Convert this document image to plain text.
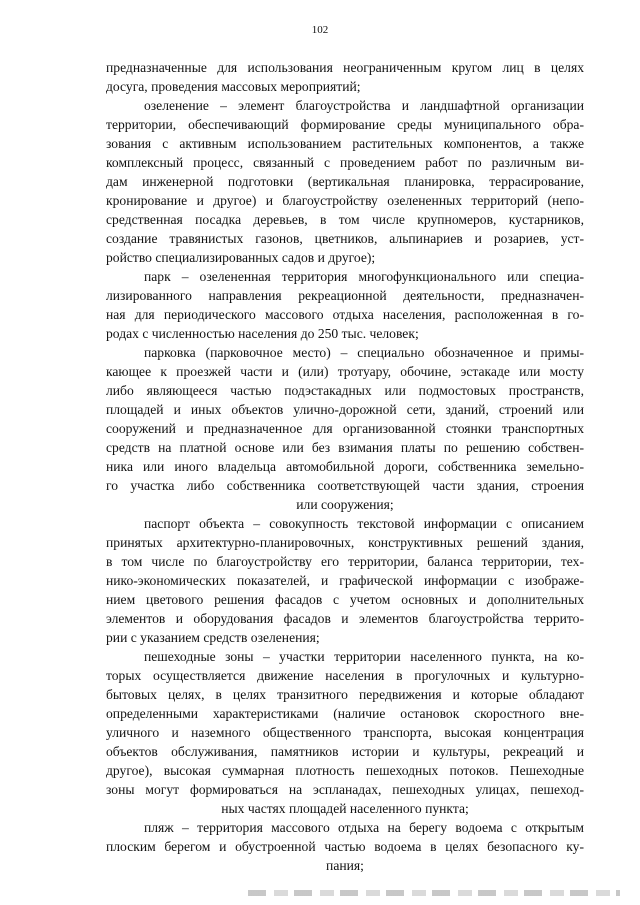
102
предназначенные для использования неограниченным кругом лиц в целях
досуга, проведения массовых мероприятий;
озеленение – элемент благоустройства и ландшафтной организации
территории, обеспечивающий формирование среды муниципального обра-
зования с активным использованием растительных компонентов, а также
комплексный процесс, связанный с проведением работ по различным ви-
дам инженерной подготовки (вертикальная планировка, террасирование,
кронирование и другое) и благоустройству озелененных территорий (непо-
средственная посадка деревьев, в том числе крупномеров, кустарников,
создание травянистых газонов, цветников, альпинариев и розариев, уст-
ройство специализированных садов и другое);
парк – озелененная территория многофункционального или специа-
лизированного направления рекреационной деятельности, предназначен-
ная для периодического массового отдыха населения, расположенная в го-
родах с численностью населения до 250 тыс. человек;
парковка (парковочное место) – специально обозначенное и примы-
кающее к проезжей части и (или) тротуару, обочине, эстакаде или мосту
либо являющееся частью подэстакадных или подмостовых пространств,
площадей и иных объектов улично-дорожной сети, зданий, строений или
сооружений и предназначенное для организованной стоянки транспортных
средств на платной основе или без взимания платы по решению собствен-
ника или иного владельца автомобильной дороги, собственника земельно-
го участка либо собственника соответствующей части здания, строения
или сооружения;
паспорт объекта – совокупность текстовой информации с описанием
принятых архитектурно-планировочных, конструктивных решений здания,
в том числе по благоустройству его территории, баланса территории, тех-
нико-экономических показателей, и графической информации с изображе-
нием цветового решения фасадов с учетом основных и дополнительных
элементов и оборудования фасадов и элементов благоустройства террито-
рии с указанием средств озеленения;
пешеходные зоны – участки территории населенного пункта, на ко-
торых осуществляется движение населения в прогулочных и культурно-
бытовых целях, в целях транзитного передвижения и которые обладают
определенными характеристиками (наличие остановок скоростного вне-
уличного и наземного общественного транспорта, высокая концентрация
объектов обслуживания, памятников истории и культуры, рекреаций и
другое), высокая суммарная плотность пешеходных потоков. Пешеходные
зоны могут формироваться на эспланадах, пешеходных улицах, пешеход-
ных частях площадей населенного пункта;
пляж – территория массового отдыха на берегу водоема с открытым
плоским берегом и обустроенной частью водоема в целях безопасного ку-
пания;
